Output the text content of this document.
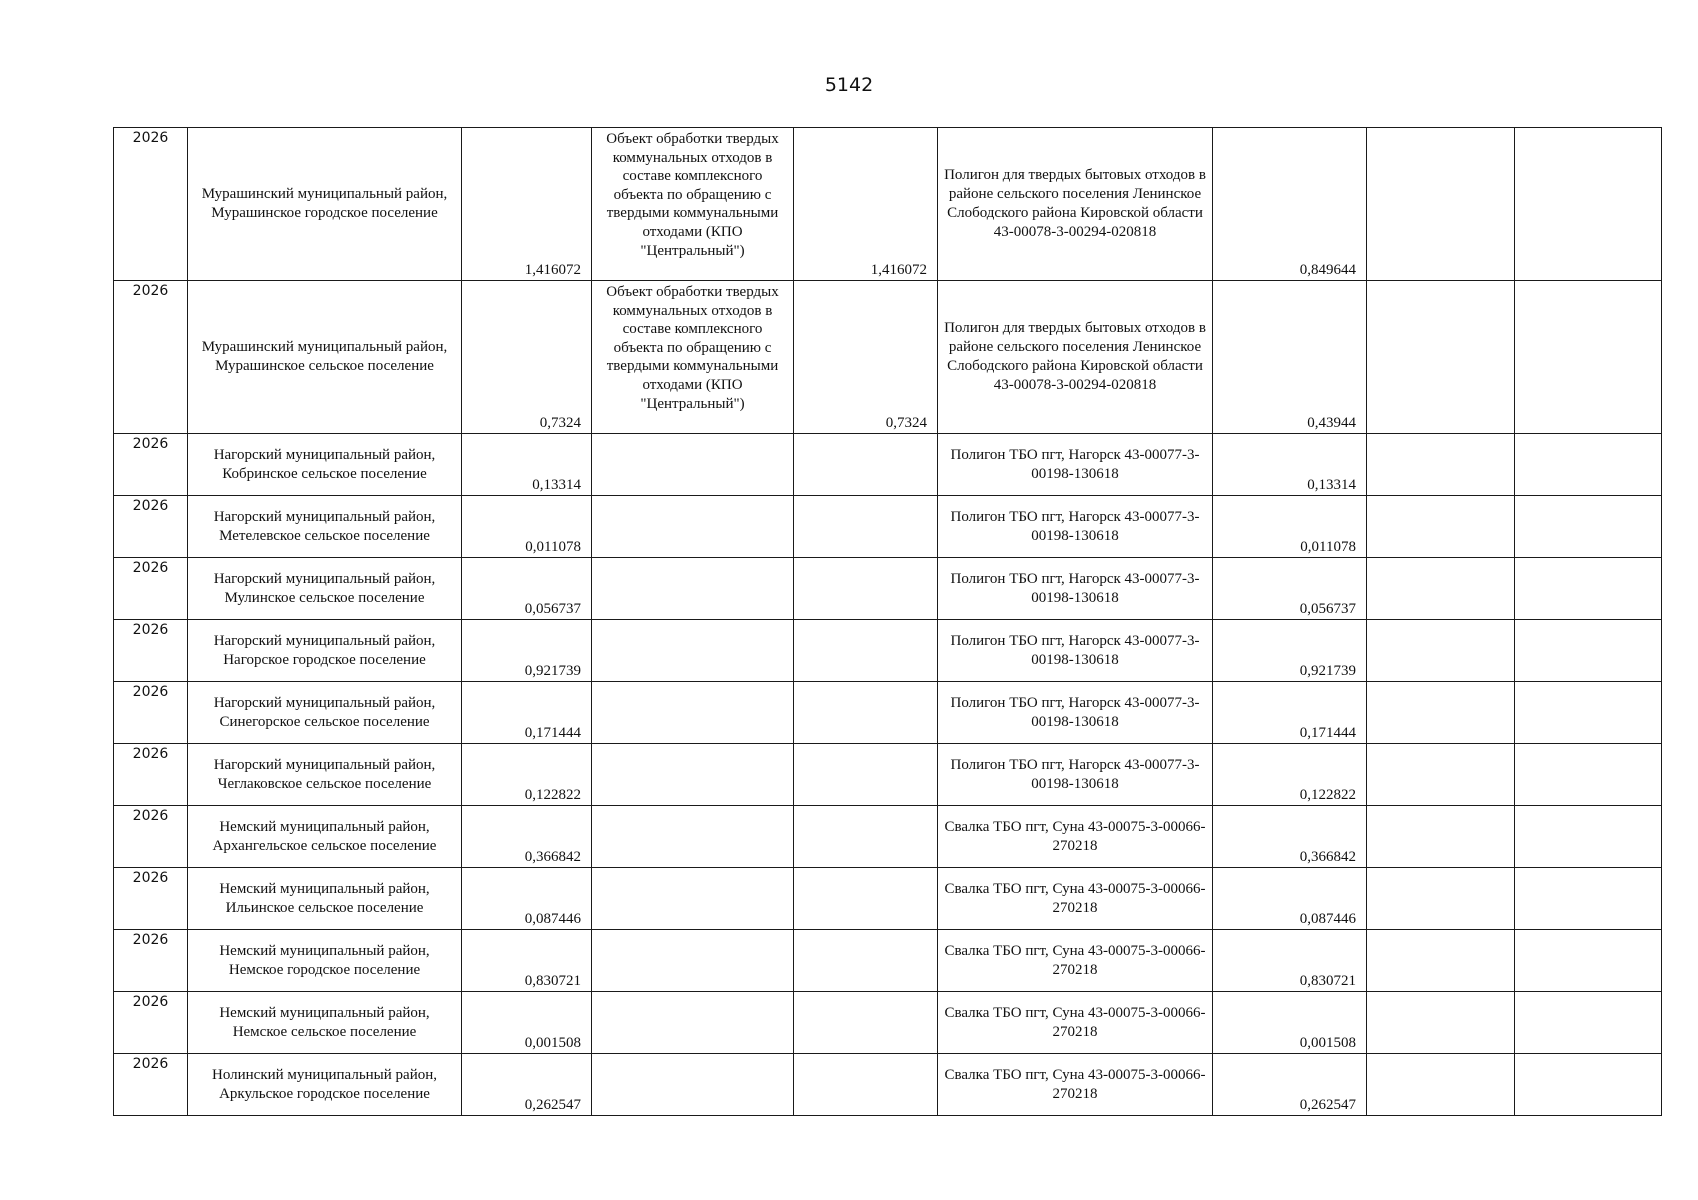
5142
2026	Мурашинский муниципальный район, Мурашинское городское поселение	1,416072	Объект обработки твердых коммунальных отходов в составе комплексного объекта по обращению с твердыми коммунальными отходами (КПО "Центральный")	1,416072	Полигон для твердых бытовых отходов в районе сельского поселения Ленинское Слободского района Кировской области 43-00078-3-00294-020818	0,849644		

2026	Мурашинский муниципальный район, Мурашинское сельское поселение	0,7324	Объект обработки твердых коммунальных отходов в составе комплексного объекта по обращению с твердыми коммунальными отходами (КПО "Центральный")	0,7324	Полигон для твердых бытовых отходов в районе сельского поселения Ленинское Слободского района Кировской области 43-00078-3-00294-020818	0,43944		

2026	Нагорский муниципальный район, Кобринское сельское поселение	0,13314			Полигон ТБО пгт, Нагорск 43-00077-3-00198-130618	0,13314		

2026	Нагорский муниципальный район, Метелевское сельское поселение	0,011078			Полигон ТБО пгт, Нагорск 43-00077-3-00198-130618	0,011078		

2026	Нагорский муниципальный район, Мулинское сельское поселение	0,056737			Полигон ТБО пгт, Нагорск 43-00077-3-00198-130618	0,056737		

2026	Нагорский муниципальный район, Нагорское городское поселение	0,921739			Полигон ТБО пгт, Нагорск 43-00077-3-00198-130618	0,921739		

2026	Нагорский муниципальный район, Синегорское сельское поселение	0,171444			Полигон ТБО пгт, Нагорск 43-00077-3-00198-130618	0,171444		

2026	Нагорский муниципальный район, Чеглаковское сельское поселение	0,122822			Полигон ТБО пгт, Нагорск 43-00077-3-00198-130618	0,122822		

2026	Немский муниципальный район, Архангельское сельское поселение	0,366842			Свалка ТБО пгт, Суна 43-00075-3-00066-270218	0,366842		

2026	Немский муниципальный район, Ильинское сельское поселение	0,087446			Свалка ТБО пгт, Суна 43-00075-3-00066-270218	0,087446		

2026	Немский муниципальный район, Немское городское поселение	0,830721			Свалка ТБО пгт, Суна 43-00075-3-00066-270218	0,830721		

2026	Немский муниципальный район, Немское сельское поселение	0,001508			Свалка ТБО пгт, Суна 43-00075-3-00066-270218	0,001508		

2026	Нолинский муниципальный район, Аркульское городское поселение	0,262547			Свалка ТБО пгт, Суна 43-00075-3-00066-270218	0,262547		
